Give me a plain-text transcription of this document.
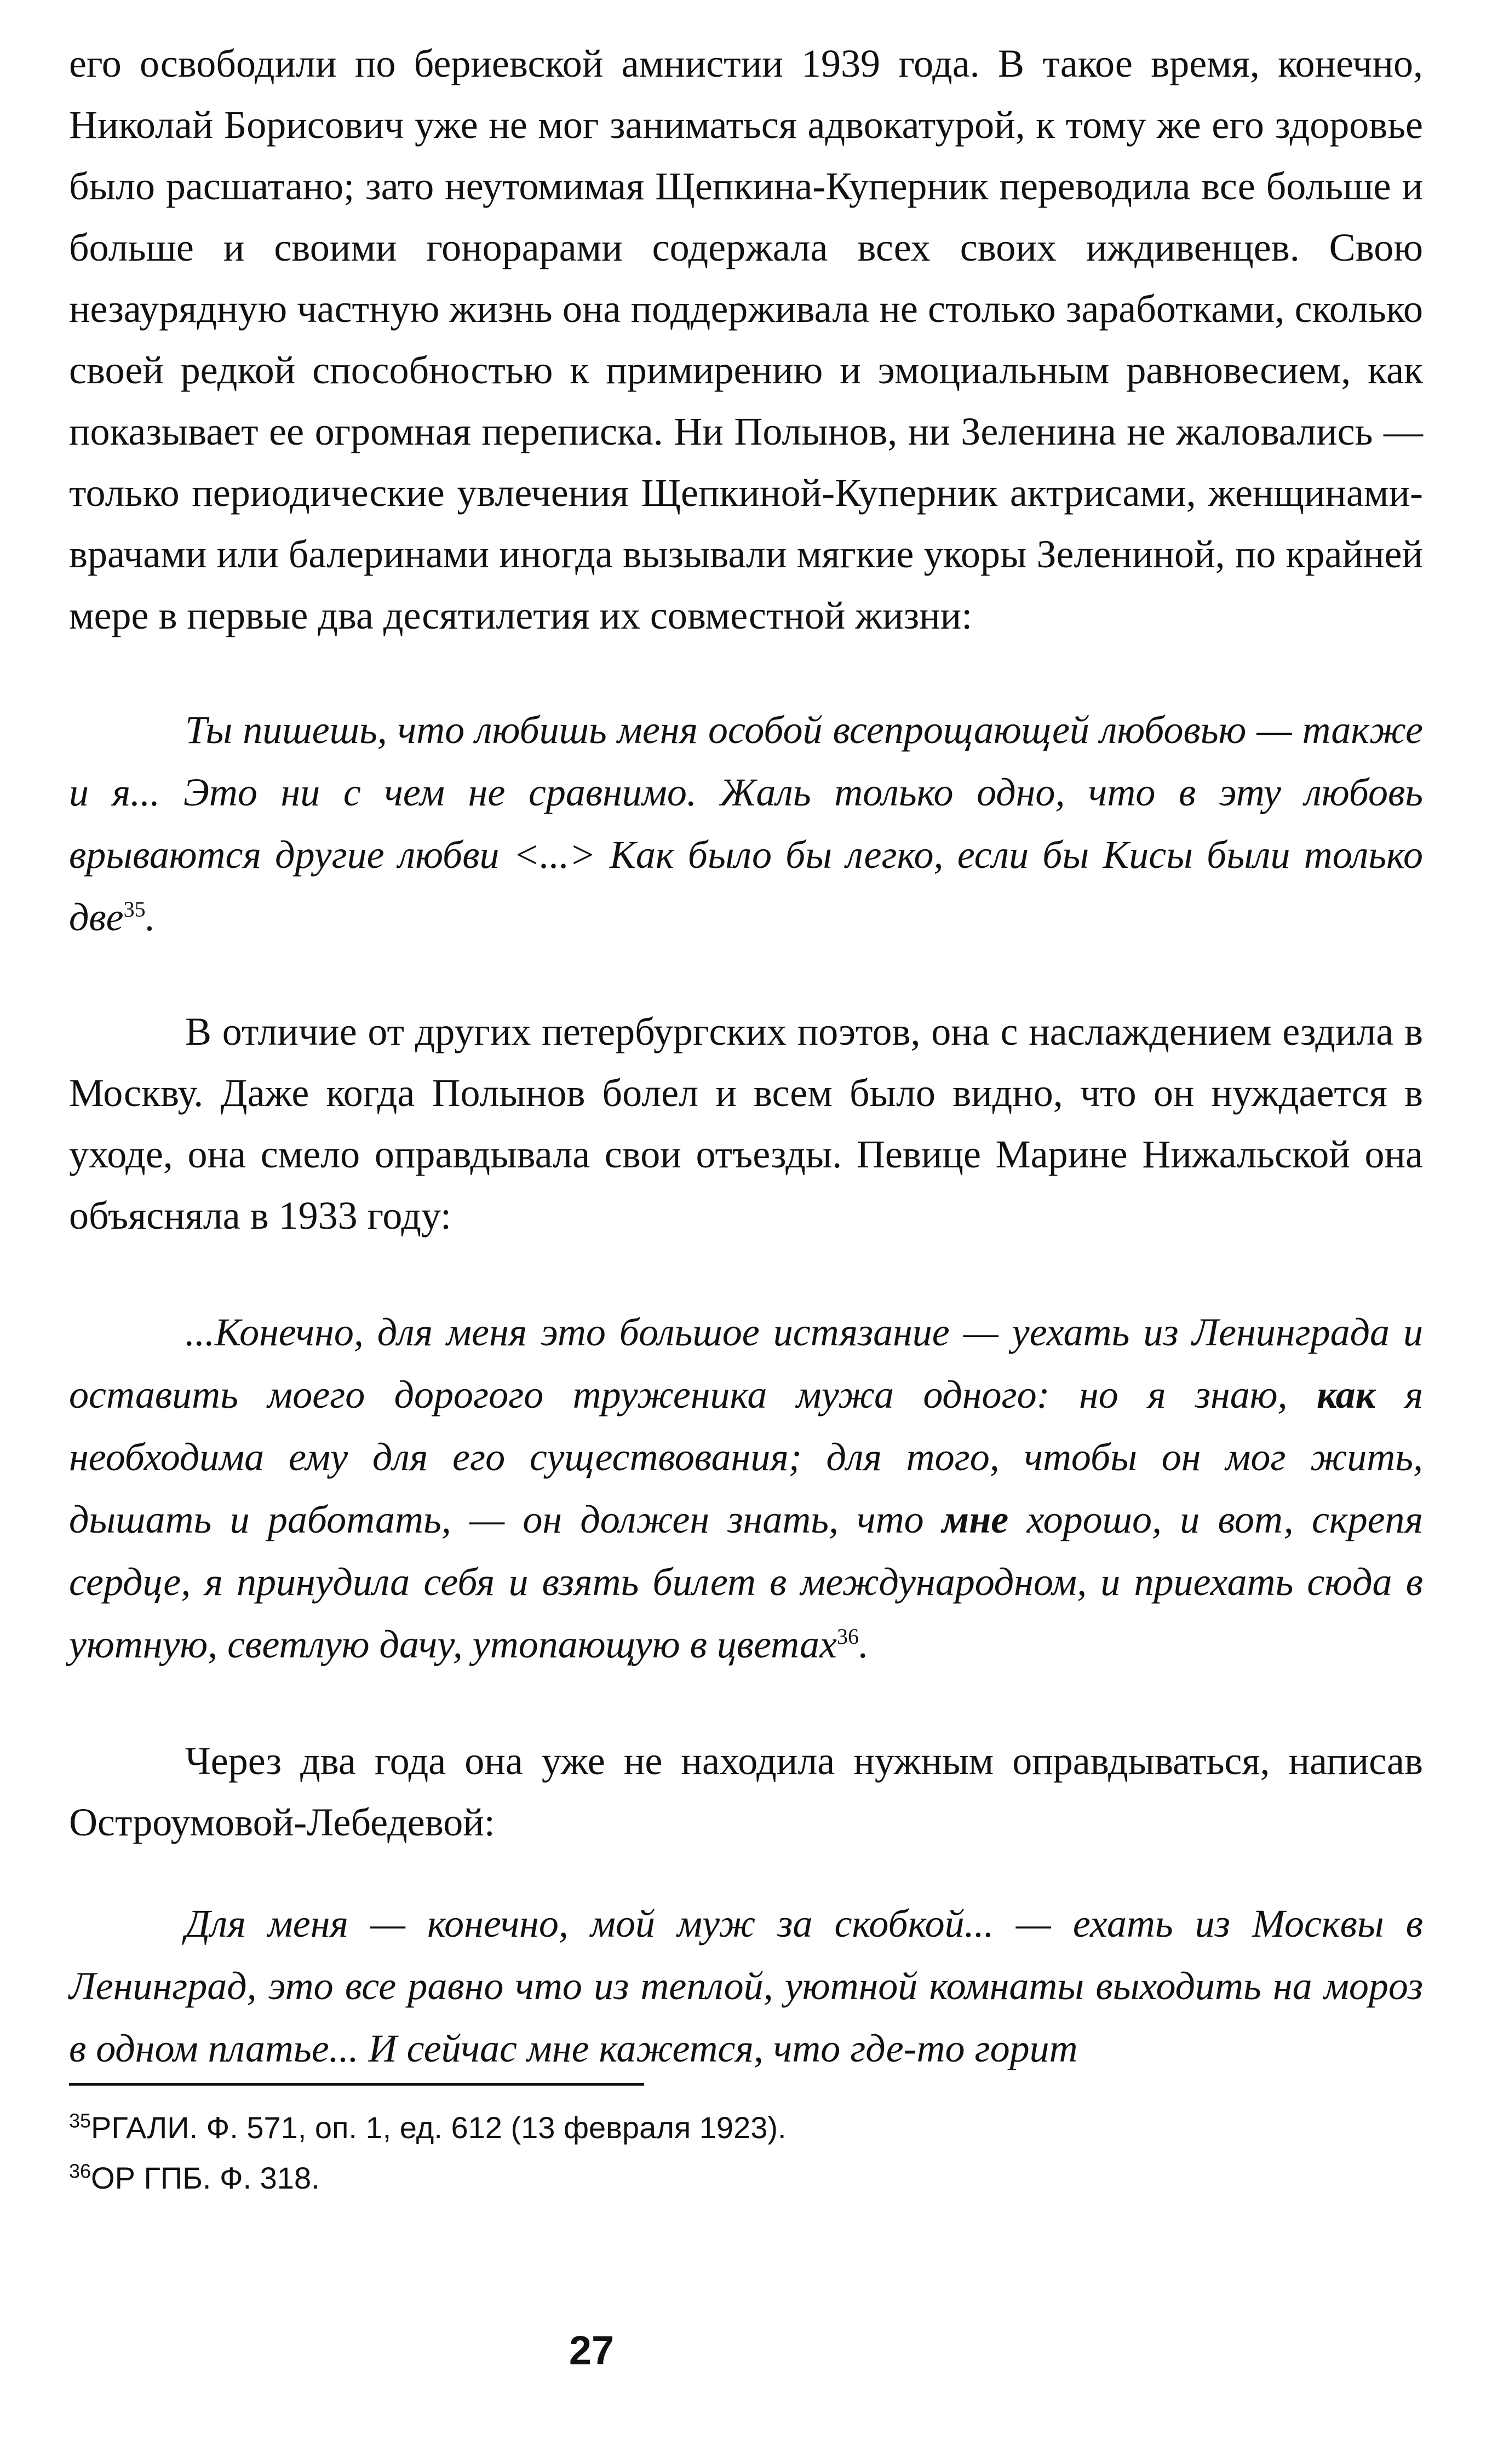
его освободили по бериевской амнистии 1939 года. В такое время, конечно, Николай Борисович уже не мог заниматься адвокатурой, к тому же его здоровье было расшатано; зато неутомимая Щепкина-Куперник переводила все больше и больше и своими гонорарами содержала всех своих иждивенцев. Свою незаурядную частную жизнь она поддерживала не столько заработками, сколько своей редкой способностью к примирению и эмоциальным равновесием, как показывает ее огромная переписка. Ни Полынов, ни Зеленина не жаловались — только периодические увлечения Щепкиной-Куперник актрисами, женщинами-врачами или балеринами иногда вызывали мягкие укоры Зелениной, по крайней мере в первые два десятилетия их совместной жизни:

Ты пишешь, что любишь меня особой всепрощающей любовью — также и я... Это ни с чем не сравнимо. Жаль только одно, что в эту любовь врываются другие любви <...> Как было бы легко, если бы Кисы были только две$^{35}$.

В отличие от других петербургских поэтов, она с наслаждением ездила в Москву. Даже когда Полынов болел и всем было видно, что он нуждается в уходе, она смело оправдывала свои отъезды. Певице Марине Нижальской она объясняла в 1933 году:

...Конечно, для меня это большое истязание — уехать из Ленинграда и оставить моего дорогого труженика мужа одного: но я знаю, как я необходима ему для его существования; для того, чтобы он мог жить, дышать и работать, — он должен знать, что мне хорошо, и вот, скрепя сердце, я принудила себя и взять билет в международном, и приехать сюда в уютную, светлую дачу, утопающую в цветах$^{36}$.

Через два года она уже не находила нужным оправдываться, написав Остроумовой-Лебедевой:

Для меня — конечно, мой муж за скобкой... — ехать из Москвы в Ленинград, это все равно что из теплой, уютной комнаты выходить на мороз в одном платье... И сейчас мне кажется, что где-то горит

$^{35}$РГАЛИ. Ф. 571, оп. 1, ед. 612 (13 февраля 1923).

$^{36}$ОР ГПБ. Ф. 318.

27
